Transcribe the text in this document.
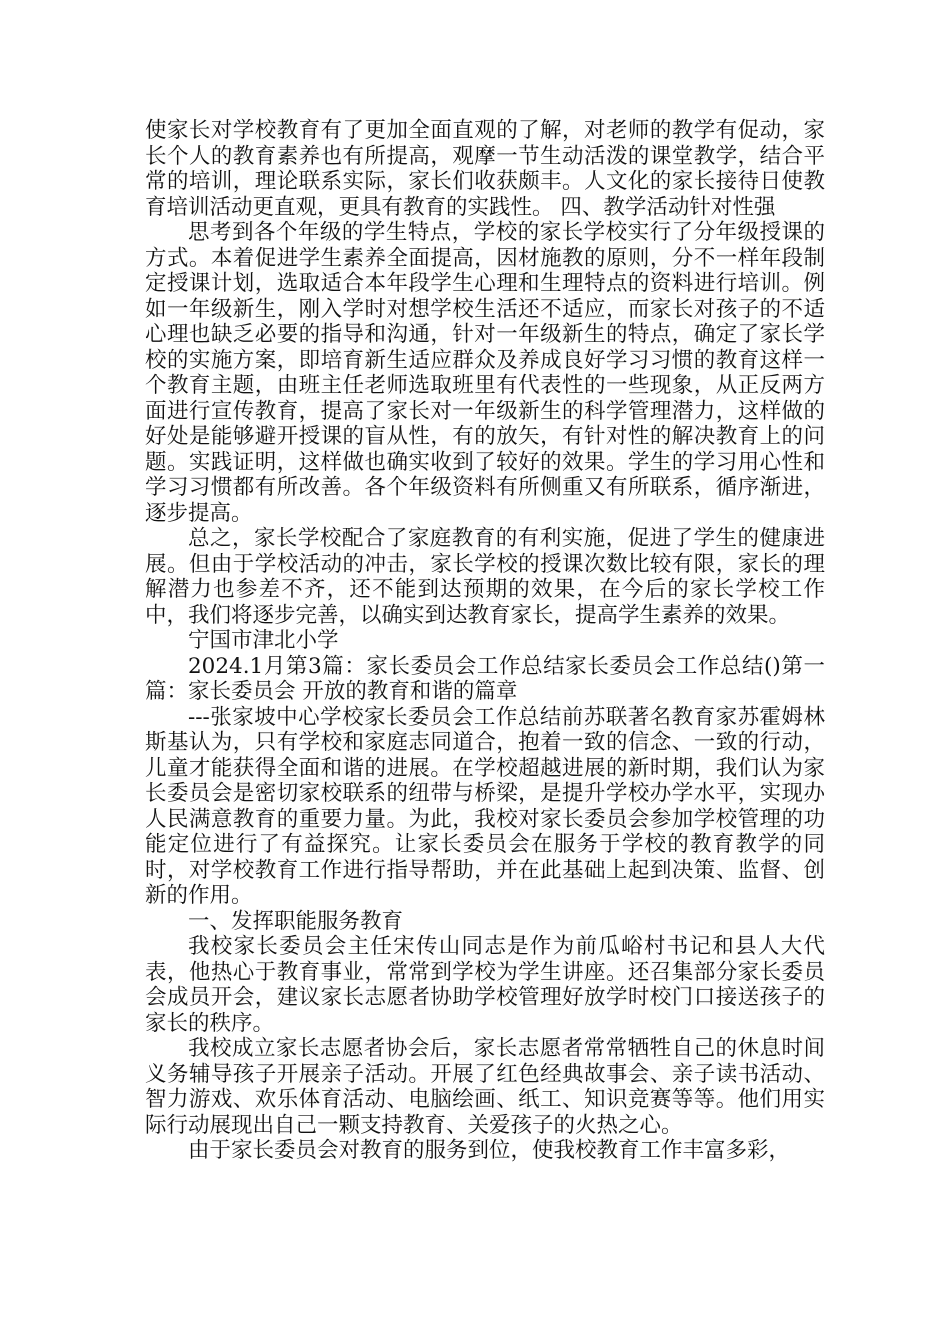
使家长对学校教育有了更加全面直观的了解，对老师的教学有促动，家长个人的教育素养也有所提高，观摩一节生动活泼的课堂教学，结合平常的培训，理论联系实际，家长们收获颇丰。人文化的家长接待日使教育培训活动更直观，更具有教育的实践性。 四、教学活动针对性强

思考到各个年级的学生特点，学校的家长学校实行了分年级授课的方式。本着促进学生素养全面提高，因材施教的原则，分不一样年段制定授课计划，选取适合本年段学生心理和生理特点的资料进行培训。例如一年级新生，刚入学时对想学校生活还不适应，而家长对孩子的不适心理也缺乏必要的指导和沟通，针对一年级新生的特点，确定了家长学校的实施方案，即培育新生适应群众及养成良好学习习惯的教育这样一个教育主题，由班主任老师选取班里有代表性的一些现象，从正反两方面进行宣传教育，提高了家长对一年级新生的科学管理潜力，这样做的好处是能够避开授课的盲从性，有的放矢，有针对性的解决教育上的问题。实践证明，这样做也确实收到了较好的效果。学生的学习用心性和学习习惯都有所改善。各个年级资料有所侧重又有所联系，循序渐进，逐步提高。

总之，家长学校配合了家庭教育的有利实施，促进了学生的健康进展。但由于学校活动的冲击，家长学校的授课次数比较有限，家长的理解潜力也参差不齐，还不能到达预期的效果，在今后的家长学校工作中，我们将逐步完善，以确实到达教育家长，提高学生素养的效果。

宁国市津北小学

2024.1月第3篇：家长委员会工作总结家长委员会工作总结()第一篇：家长委员会 开放的教育和谐的篇章

---张家坡中心学校家长委员会工作总结前苏联著名教育家苏霍姆林斯基认为，只有学校和家庭志同道合，抱着一致的信念、一致的行动，儿童才能获得全面和谐的进展。在学校超越进展的新时期，我们认为家长委员会是密切家校联系的纽带与桥梁，是提升学校办学水平，实现办人民满意教育的重要力量。为此，我校对家长委员会参加学校管理的功能定位进行了有益探究。让家长委员会在服务于学校的教育教学的同时，对学校教育工作进行指导帮助，并在此基础上起到决策、监督、创新的作用。

一、发挥职能服务教育

我校家长委员会主任宋传山同志是作为前瓜峪村书记和县人大代表，他热心于教育事业，常常到学校为学生讲座。还召集部分家长委员会成员开会，建议家长志愿者协助学校管理好放学时校门口接送孩子的家长的秩序。

我校成立家长志愿者协会后，家长志愿者常常牺牲自己的休息时间义务辅导孩子开展亲子活动。开展了红色经典故事会、亲子读书活动、智力游戏、欢乐体育活动、电脑绘画、纸工、知识竞赛等等。他们用实际行动展现出自己一颗支持教育、关爱孩子的火热之心。

由于家长委员会对教育的服务到位，使我校教育工作丰富多彩，
